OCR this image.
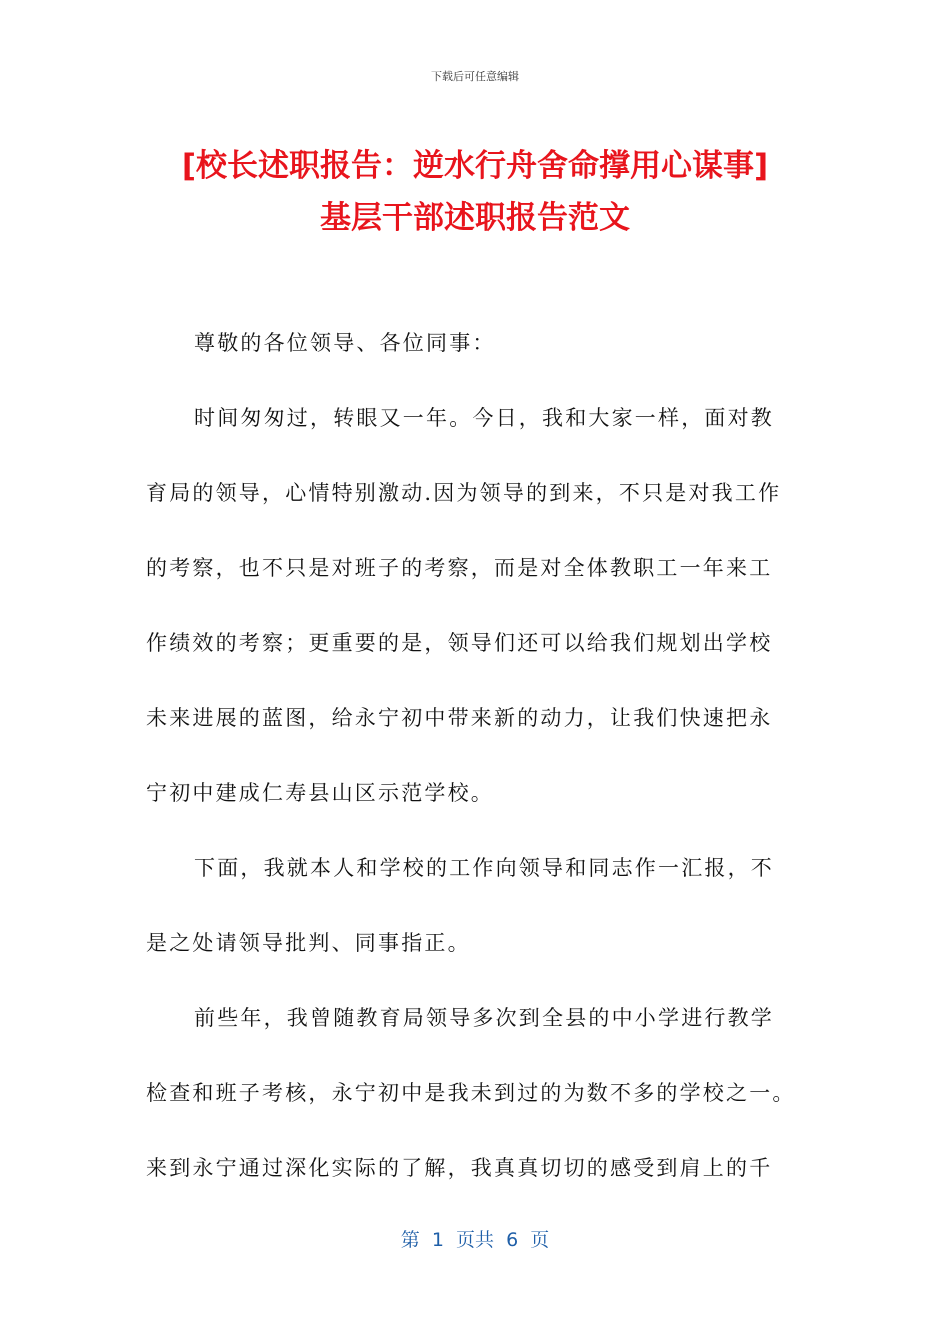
下载后可任意编辑
[校长述职报告：逆水行舟舍命撑用心谋事]
基层干部述职报告范文
尊敬的各位领导、各位同事：
时间匆匆过，转眼又一年。今日，我和大家一样，面对教
育局的领导，心情特别激动.因为领导的到来，不只是对我工作
的考察，也不只是对班子的考察，而是对全体教职工一年来工
作绩效的考察；更重要的是，领导们还可以给我们规划出学校
未来进展的蓝图，给永宁初中带来新的动力，让我们快速把永
宁初中建成仁寿县山区示范学校。
下面，我就本人和学校的工作向领导和同志作一汇报，不
是之处请领导批判、同事指正。
前些年，我曾随教育局领导多次到全县的中小学进行教学
检查和班子考核，永宁初中是我未到过的为数不多的学校之一。
来到永宁通过深化实际的了解，我真真切切的感受到肩上的千
第  1  页共  6  页
